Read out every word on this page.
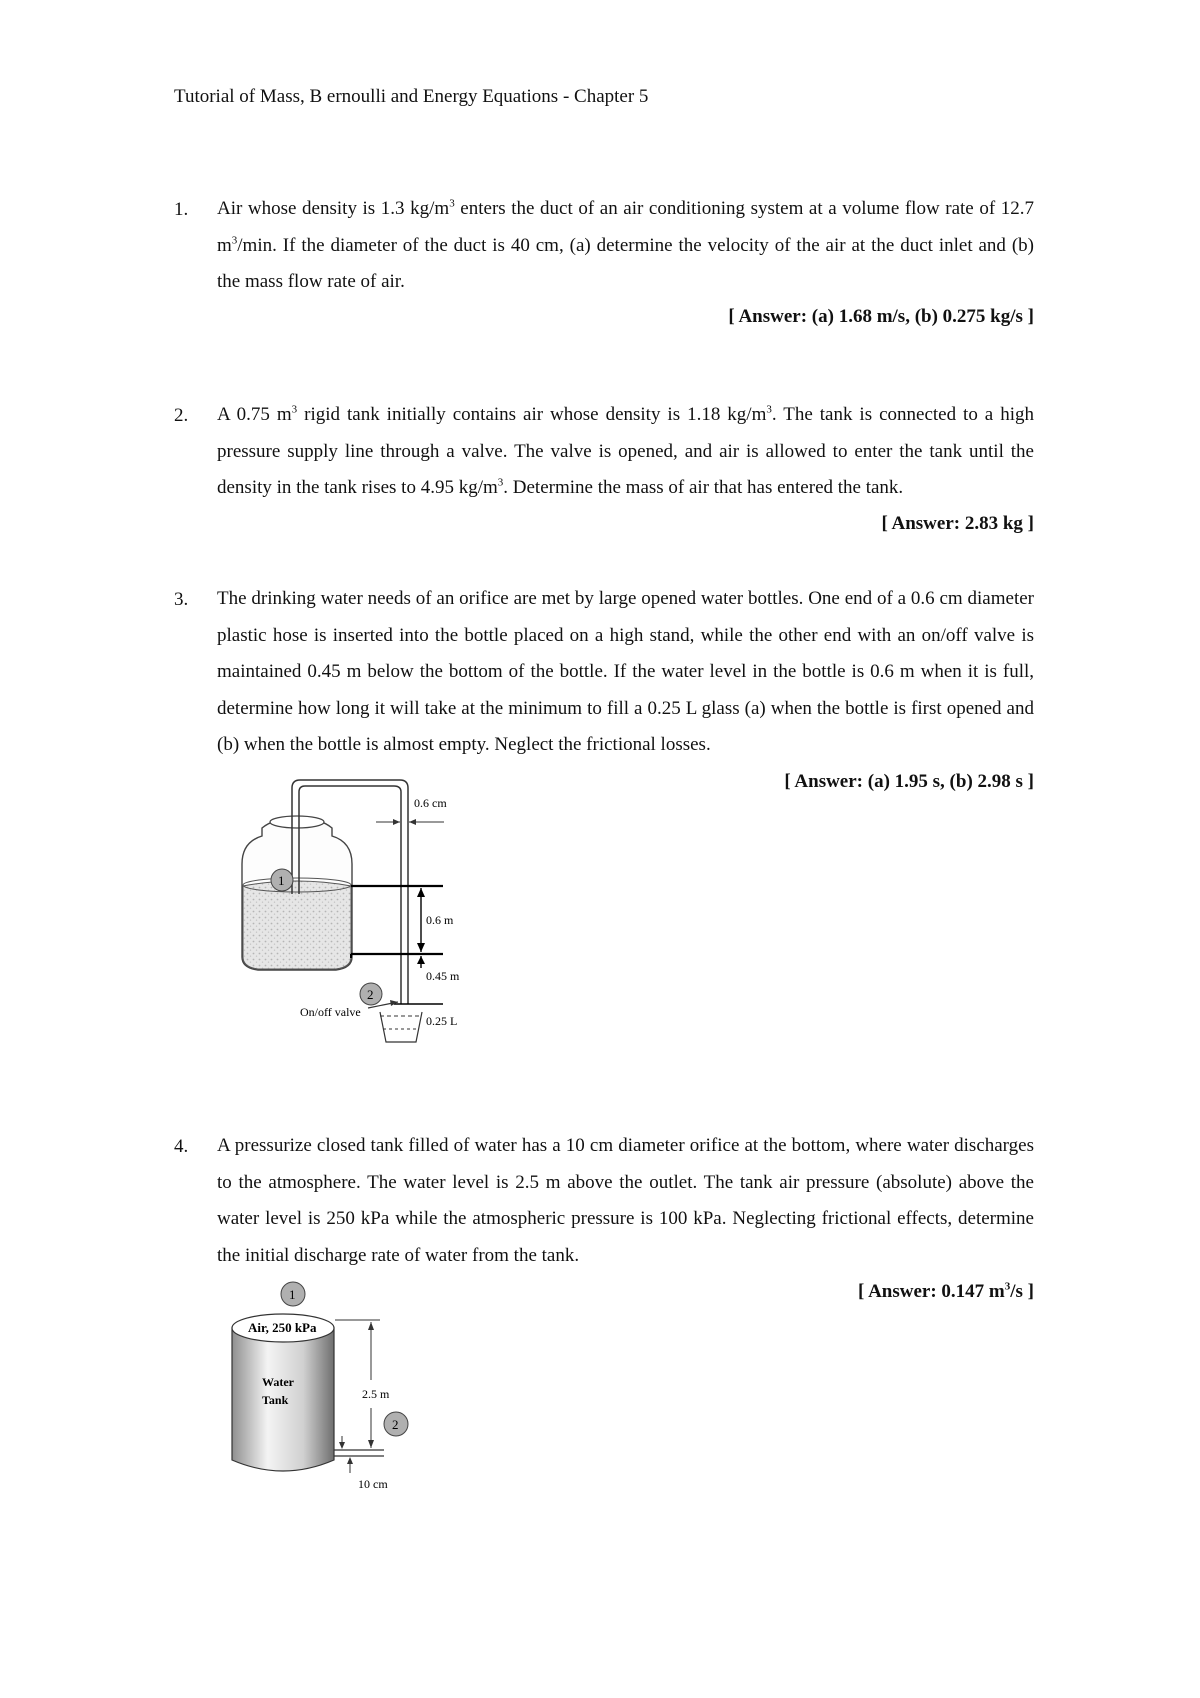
Tutorial of Mass, B ernoulli and Energy Equations - Chapter 5
1. Air whose density is 1.3 $kg/m^3$ enters the duct of an air conditioning system at a volume flow rate of 12.7 $m^3/\min$. If the diameter of the duct is 40 cm, (a) determine the velocity of the air at the duct inlet and (b) the mass flow rate of air.
[ Answer: (a) 1.68 m/s, (b) 0.275 kg/s ]
2. A 0.75 $m^3$ rigid tank initially contains air whose density is 1.18 $kg/m^3$. The tank is connected to a high pressure supply line through a valve. The valve is opened, and air is allowed to enter the tank until the density in the tank rises to 4.95 $kg/m^3$. Determine the mass of air that has entered the tank.
[ Answer: 2.83 kg ]
3. The drinking water needs of an orifice are met by large opened water bottles. One end of a 0.6 cm diameter plastic hose is inserted into the bottle placed on a high stand, while the other end with an on/off valve is maintained 0.45 m below the bottom of the bottle. If the water level in the bottle is 0.6 m when it is full, determine how long it will take at the minimum to fill a 0.25 L glass (a) when the bottle is first opened and (b) when the bottle is almost empty. Neglect the frictional losses.
[ Answer: (a) 1.95 s, (b) 2.98 s ]
0.6 cm
0.6 m
0.45 m
0.25 L
On/off valve
1
2
4. A pressurize closed tank filled of water has a 10 cm diameter orifice at the bottom, where water discharges to the atmosphere. The water level is 2.5 m above the outlet. The tank air pressure (absolute) above the water level is 250 kPa while the atmospheric pressure is 100 kPa. Neglecting frictional effects, determine the initial discharge rate of water from the tank.
[ Answer: 0.147 $m^3/s$ ]
Air, 250 kPa
Water
Tank
1
2.5 m
2
10 cm
